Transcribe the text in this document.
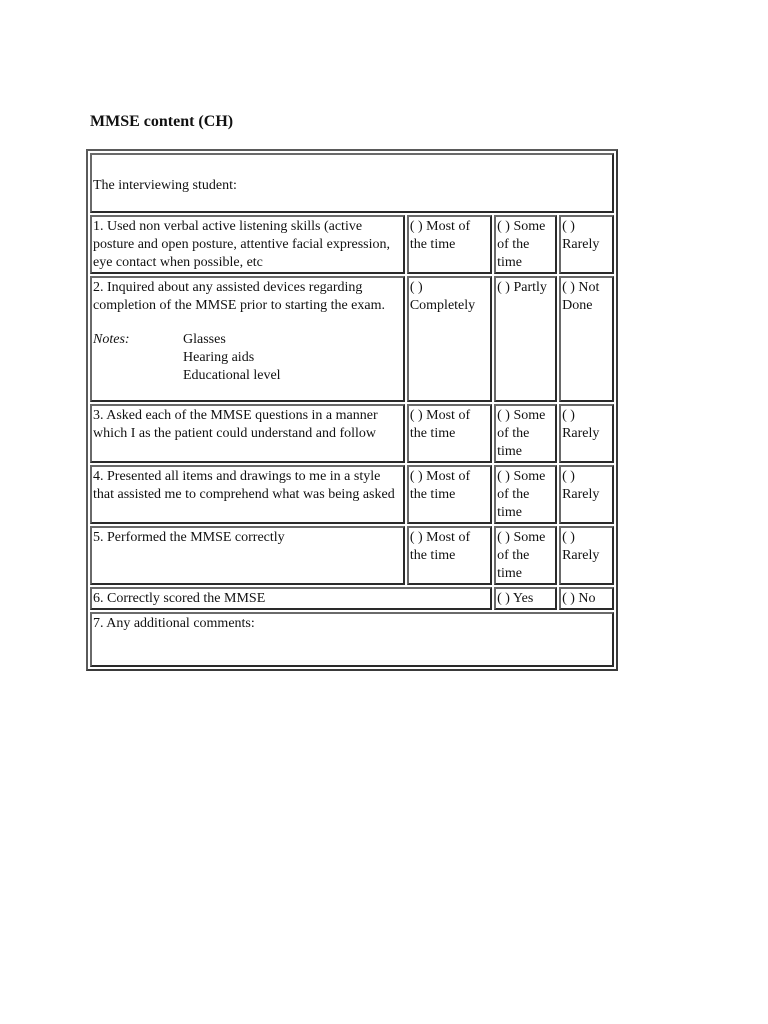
MMSE content (CH)
The interviewing student:			

1. Used non verbal active listening skills (active posture and open posture, attentive facial expression, eye contact when possible, etc	( ) Most of the time	( ) Some of the time	( ) Rarely

2. Inquired about any assisted devices regarding completion of the MMSE prior to starting the exam.
Notes: Glasses
Hearing aids
Educational level	( ) Completely	( ) Partly	( ) Not Done
3. Asked each of the MMSE questions in a manner which I as the patient could understand and follow	( ) Most of the time	( ) Some of the time	( ) Rarely
4. Presented all items and drawings to me in a style that assisted me to comprehend what was being asked	( ) Most of the time	( ) Some of the time	( ) Rarely
5. Performed the MMSE correctly	( ) Most of the time	( ) Some of the time	( ) Rarely
6. Correctly scored the MMSE		( ) Yes	( ) No
7. Any additional comments:			
